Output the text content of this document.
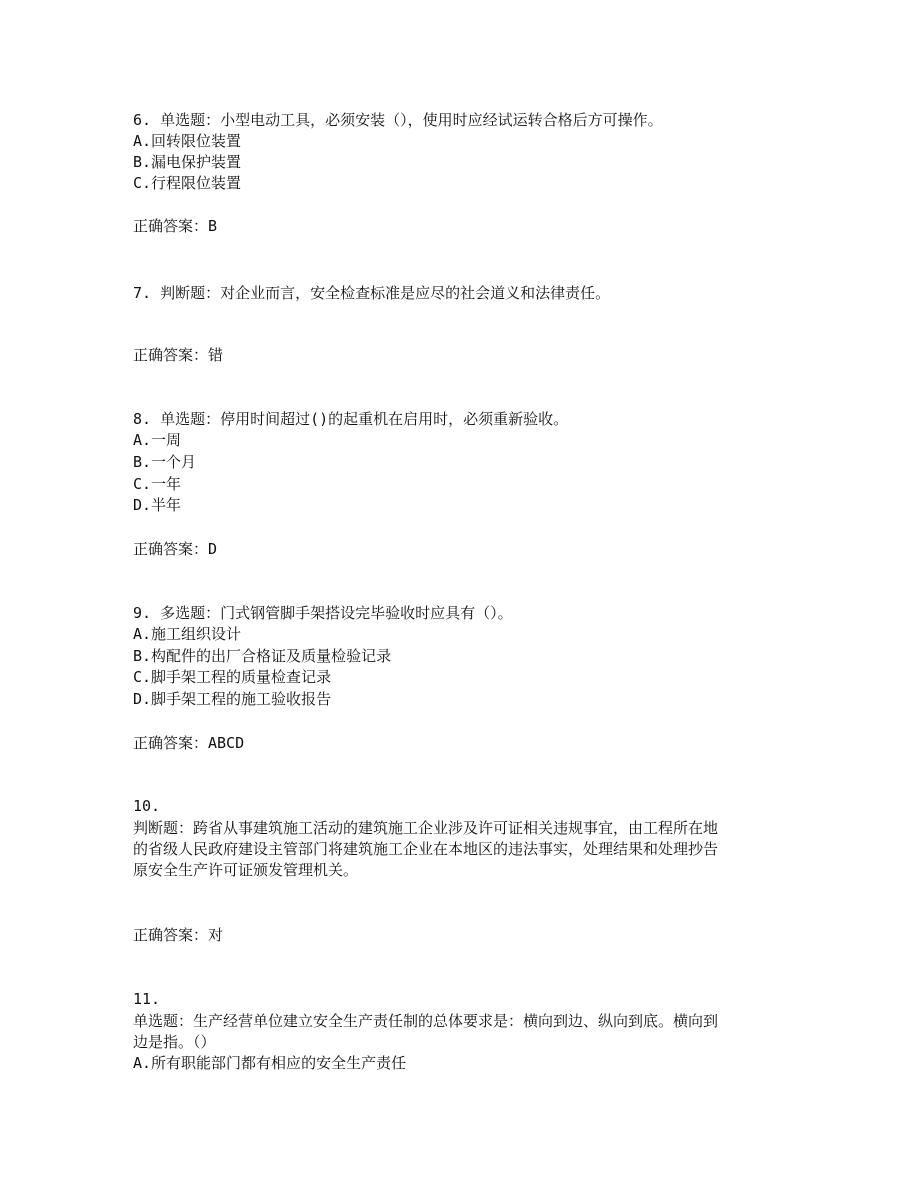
6. 单选题：小型电动工具，必须安装（），使用时应经试运转合格后方可操作。
A.回转限位装置
B.漏电保护装置
C.行程限位装置
正确答案：B
7. 判断题：对企业而言，安全检查标准是应尽的社会道义和法律责任。
正确答案：错
8. 单选题：停用时间超过()的起重机在启用时，必须重新验收。
A.一周
B.一个月
C.一年
D.半年
正确答案：D
9. 多选题：门式钢管脚手架搭设完毕验收时应具有（）。
A.施工组织设计
B.构配件的出厂合格证及质量检验记录
C.脚手架工程的质量检查记录
D.脚手架工程的施工验收报告
正确答案：ABCD
10.
判断题：跨省从事建筑施工活动的建筑施工企业涉及许可证相关违规事宜，由工程所在地
的省级人民政府建设主管部门将建筑施工企业在本地区的违法事实，处理结果和处理抄告
原安全生产许可证颁发管理机关。
正确答案：对
11.
单选题：生产经营单位建立安全生产责任制的总体要求是：横向到边、纵向到底。横向到
边是指。（）
A.所有职能部门都有相应的安全生产责任
